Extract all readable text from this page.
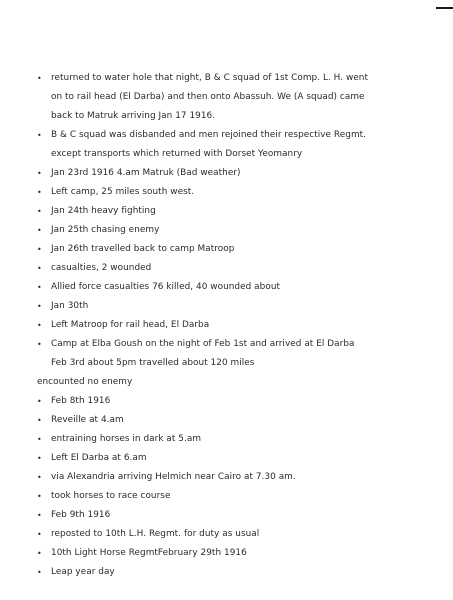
• returned to water hole that night, B & C squad of 1st Comp. L. H. went
on to rail head (El Darba) and then onto Abassuh. We (A squad) came
back to Matruk arriving Jan 17 1916.
• B & C squad was disbanded and men rejoined their respective Regmt.
except transports which returned with Dorset Yeomanry
• Jan 23rd 1916 4.am Matruk (Bad weather)
• Left camp, 25 miles south west.
• Jan 24th heavy fighting
• Jan 25th chasing enemy
• Jan 26th travelled back to camp Matroop
• casualties, 2 wounded
• Allied force casualties 76 killed, 40 wounded about
• Jan 30th
• Left Matroop for rail head, El Darba
• Camp at Elba Goush on the night of Feb 1st and arrived at El Darba
Feb 3rd about 5pm travelled about 120 miles
encounted no enemy
• Feb 8th 1916
• Reveille at 4.am
• entraining horses in dark at 5.am
• Left El Darba at 6.am
• via Alexandria arriving Helmich near Cairo at 7.30 am.
• took horses to race course
• Feb 9th 1916
• reposted to 10th L.H. Regmt. for duty as usual
• 10th Light Horse RegmtFebruary 29th 1916
• Leap year day
